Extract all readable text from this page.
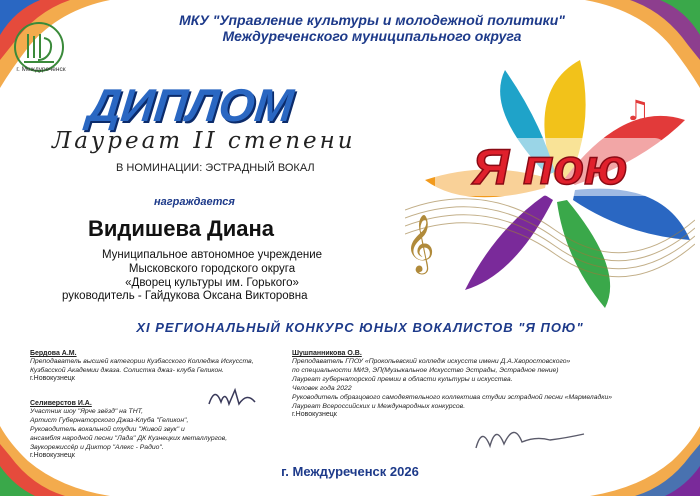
г. Междуреченск
МКУ "Управление культуры и молодежной политики"
Междуреченского муниципального округа
ДИПЛОМ
Лауреат II степени
В НОМИНАЦИИ: ЭСТРАДНЫЙ ВОКАЛ
награждается
Видишева Диана
Муниципальное автономное учреждение
Мысковского городского округа
«Дворец культуры им. Горького»
руководитель - Гайдукова Оксана Викторовна
♫
𝄞
Я пою
XI РЕГИОНАЛЬНЫЙ КОНКУРС ЮНЫХ ВОКАЛИСТОВ "Я ПОЮ"
Бердова А.М.
Преподаватель высшей категории Кузбасского Колледжа Искусств,
Кузбасской Академии джаза. Солистка джаз- клуба Геликон.
г.Новокузнецк
Селиверстов И.А.
Участник шоу "Ярче звёзд" на ТНТ,
Артист Губернаторского Джаз-Клуба "Геликон",
Руководитель вокальной студии "Живой звук" и
ансамбля народной песни "Лада" ДК Кузнецких металлургов,
Звукорежиссёр и Диктор "Алекс - Радио".
г.Новокузнецк
Шушпанникова О.В.
Преподаватель ГПОУ «Прокопьевский колледж искусств имени Д.А.Хворостовского»
по специальности МИЭ, ЭП(Музыкальное Искусство Эстрады, Эстрадное пение)
Лауреат губернаторской премии в области культуры и искусства.
Человек года 2022
Руководитель образцового самодеятельного коллектива студии эстрадной песни «Мармеладки»
Лауреат Всероссийских и Международных конкурсов.
г.Новокузнецк
г. Междуреченск 2026
